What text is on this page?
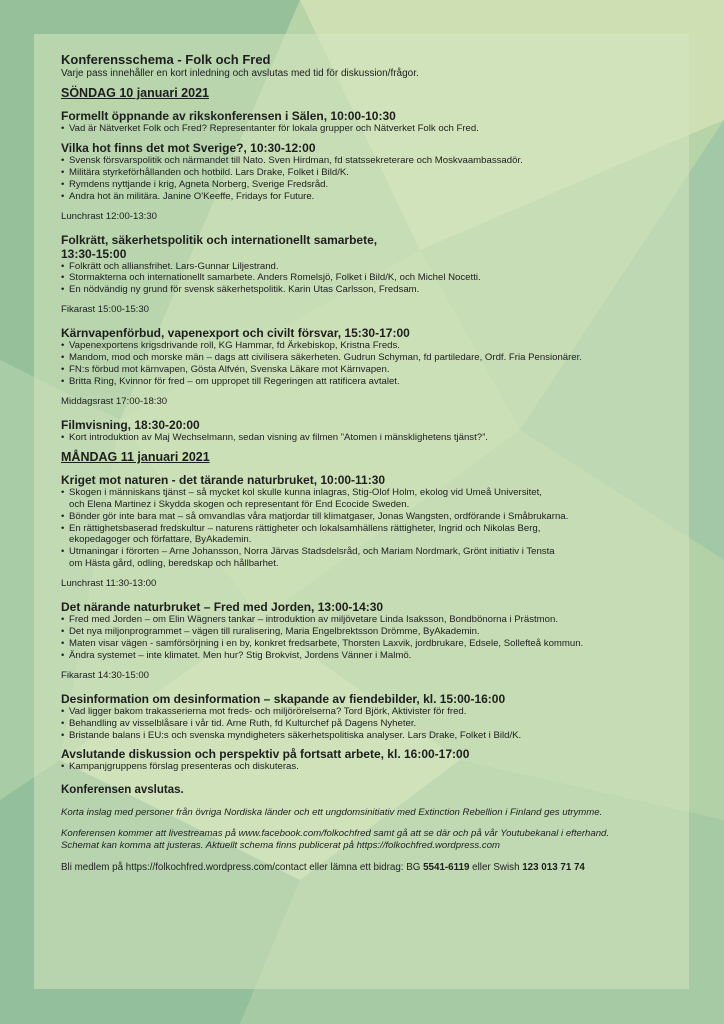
Konferensschema - Folk och Fred

Varje pass innehåller en kort inledning och avslutas med tid för diskussion/frågor.

SÖNDAG 10 januari 2021
Formellt öppnande av rikskonferensen i Sälen, 10:00-10:30
• Vad är Nätverket Folk och Fred? Representanter för lokala grupper och Nätverket Folk och Fred.
Vilka hot finns det mot Sverige?, 10:30-12:00
• Svensk försvarspolitik och närmandet till Nato. Sven Hirdman, fd statssekreterare och Moskvaambassadör.
• Militära styrkeförhållanden och hotbild. Lars Drake, Folket i Bild/K.
• Rymdens nyttjande i krig, Agneta Norberg, Sverige Fredsråd.
• Andra hot än militära. Janine O'Keeffe, Fridays for Future.

Lunchrast 12:00-13:30

Folkrätt, säkerhetspolitik och internationellt samarbete,
13:30-15:00
• Folkrätt och alliansfrihet. Lars-Gunnar Liljestrand.
• Stormakterna och internationellt samarbete. Anders Romelsjö, Folket i Bild/K, och Michel Nocetti.
• En nödvändig ny grund för svensk säkerhetspolitik. Karin Utas Carlsson, Fredsam.

Fikarast 15:00-15:30

Kärnvapenförbud, vapenexport och civilt försvar, 15:30-17:00
• Vapenexportens krigsdrivande roll, KG Hammar, fd Ärkebiskop, Kristna Freds.
• Mandom, mod och morske män – dags att civilisera säkerheten. Gudrun Schyman, fd partiledare, Ordf. Fria Pensionärer.
• FN:s förbud mot kärnvapen, Gösta Alfvén, Svenska Läkare mot Kärnvapen.
• Britta Ring, Kvinnor för fred – om uppropet till Regeringen att ratificera avtalet.

Middagsrast 17:00-18:30

Filmvisning, 18:30-20:00
• Kort introduktion av Maj Wechselmann, sedan visning av filmen ”Atomen i mänsklighetens tjänst?”.
MÅNDAG 11 januari 2021
Kriget mot naturen - det tärande naturbruket, 10:00-11:30
• Skogen i människans tjänst – så mycket kol skulle kunna inlagras, Stig-Olof Holm, ekolog vid Umeå Universitet,
och Elena Martinez i Skydda skogen och representant för End Ecocide Sweden.
• Bönder gör inte bara mat – så omvandlas våra matjordar till klimatgaser, Jonas Wangsten, ordförande i Småbrukarna.
• En rättighetsbaserad fredskultur – naturens rättigheter och lokalsamhällens rättigheter, Ingrid och Nikolas Berg,
ekopedagoger och författare, ByAkademin.
• Utmaningar i förorten – Arne Johansson, Norra Järvas Stadsdelsråd, och Mariam Nordmark, Grönt initiativ i Tensta
om Hästa gård, odling, beredskap och hållbarhet.

Lunchrast 11:30-13:00

Det närande naturbruket – Fred med Jorden, 13:00-14:30
• Fred med Jorden – om Elin Wägners tankar – introduktion av miljövetare Linda Isaksson, Bondbönorna i Prästmon.
• Det nya miljonprogrammet – vägen till ruralisering, Maria Engelbrektsson Drömme, ByAkademin.
• Maten visar vägen - samförsörjning i en by, konkret fredsarbete, Thorsten Laxvik, jordbrukare, Edsele, Sollefteå kommun.
• Ändra systemet – inte klimatet. Men hur? Stig Brokvist, Jordens Vänner i Malmö.

Fikarast 14:30-15:00

Desinformation om desinformation – skapande av fiendebilder, kl. 15:00-16:00
• Vad ligger bakom trakasserierna mot freds- och miljörörelserna? Tord Björk, Aktivister för fred.
• Behandling av visselblåsare i vår tid. Arne Ruth, fd Kulturchef på Dagens Nyheter.
• Bristande balans i EU:s och svenska myndigheters säkerhetspolitiska analyser. Lars Drake, Folket i Bild/K.
Avslutande diskussion och perspektiv på fortsatt arbete, kl. 16:00-17:00
• Kampanjgruppens förslag presenteras och diskuteras.

Konferensen avslutas.

Korta inslag med personer från övriga Nordiska länder och ett ungdomsinitiativ med Extinction Rebellion i Finland ges utrymme.
Konferensen kommer att livestreamas på www.facebook.com/folkochfred samt gå att se där och på vår Youtubekanal i efterhand.
Schemat kan komma att justeras. Aktuellt schema finns publicerat på https://folkochfred.wordpress.com

Bli medlem på https://folkochfred.wordpress.com/contact eller lämna ett bidrag: BG 5541-6119 eller Swish 123 013 71 74
